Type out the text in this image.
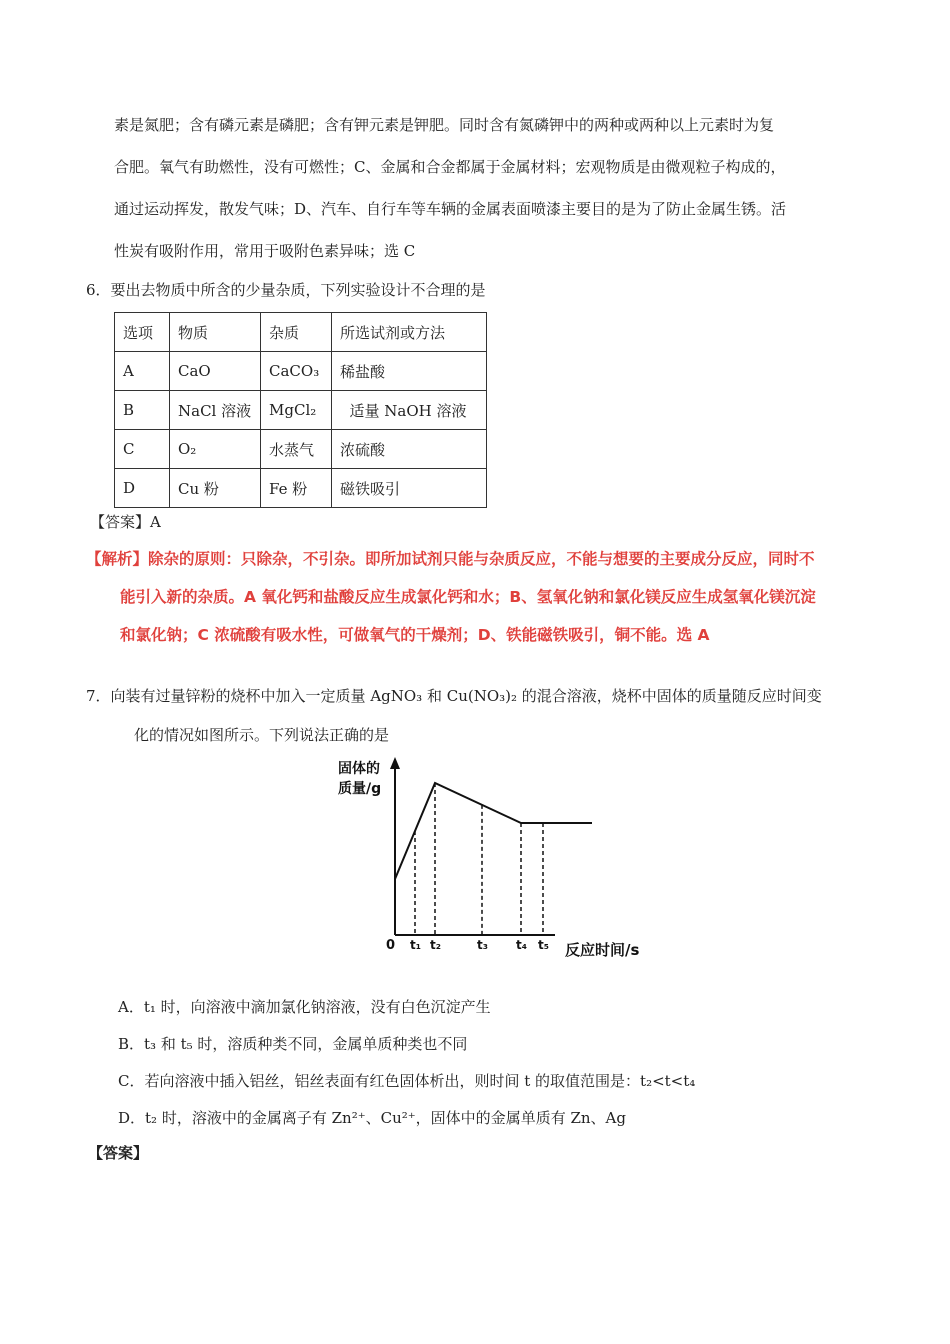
素是氮肥；含有磷元素是磷肥；含有钾元素是钾肥。同时含有氮磷钾中的两种或两种以上元素时为复
合肥。氧气有助燃性，没有可燃性；C、金属和合金都属于金属材料；宏观物质是由微观粒子构成的，
通过运动挥发，散发气味；D、汽车、自行车等车辆的金属表面喷漆主要目的是为了防止金属生锈。活
性炭有吸附作用，常用于吸附色素异味；选 C
6．要出去物质中所含的少量杂质，下列实验设计不合理的是
选项	物质	杂质	所选试剂或方法
A	CaO	CaCO₃	稀盐酸
B	NaCl 溶液	MgCl₂	适量 NaOH 溶液
C	O₂	水蒸气	浓硫酸
D	Cu 粉	Fe 粉	磁铁吸引
【答案】A
【解析】除杂的原则：只除杂，不引杂。即所加试剂只能与杂质反应，不能与想要的主要成分反应，同时不
能引入新的杂质。A 氧化钙和盐酸反应生成氯化钙和水；B、氢氧化钠和氯化镁反应生成氢氧化镁沉淀
和氯化钠；C 浓硫酸有吸水性，可做氧气的干燥剂；D、铁能磁铁吸引，铜不能。选 A
7．向装有过量锌粉的烧杯中加入一定质量 AgNO₃ 和 Cu(NO₃)₂ 的混合溶液，烧杯中固体的质量随反应时间变
化的情况如图所示。下列说法正确的是
固体的
质量/g
0	反应时间/s
t₁ t₂	t₃ t₄ t₅
A．t₁ 时，向溶液中滴加氯化钠溶液，没有白色沉淀产生
B．t₃ 和 t₅ 时，溶质种类不同，金属单质种类也不同
C．若向溶液中插入铝丝，铝丝表面有红色固体析出，则时间 t 的取值范围是：t₂<t<t₄
D．t₂ 时，溶液中的金属离子有 Zn²⁺、Cu²⁺，固体中的金属单质有 Zn、Ag
【答案】
